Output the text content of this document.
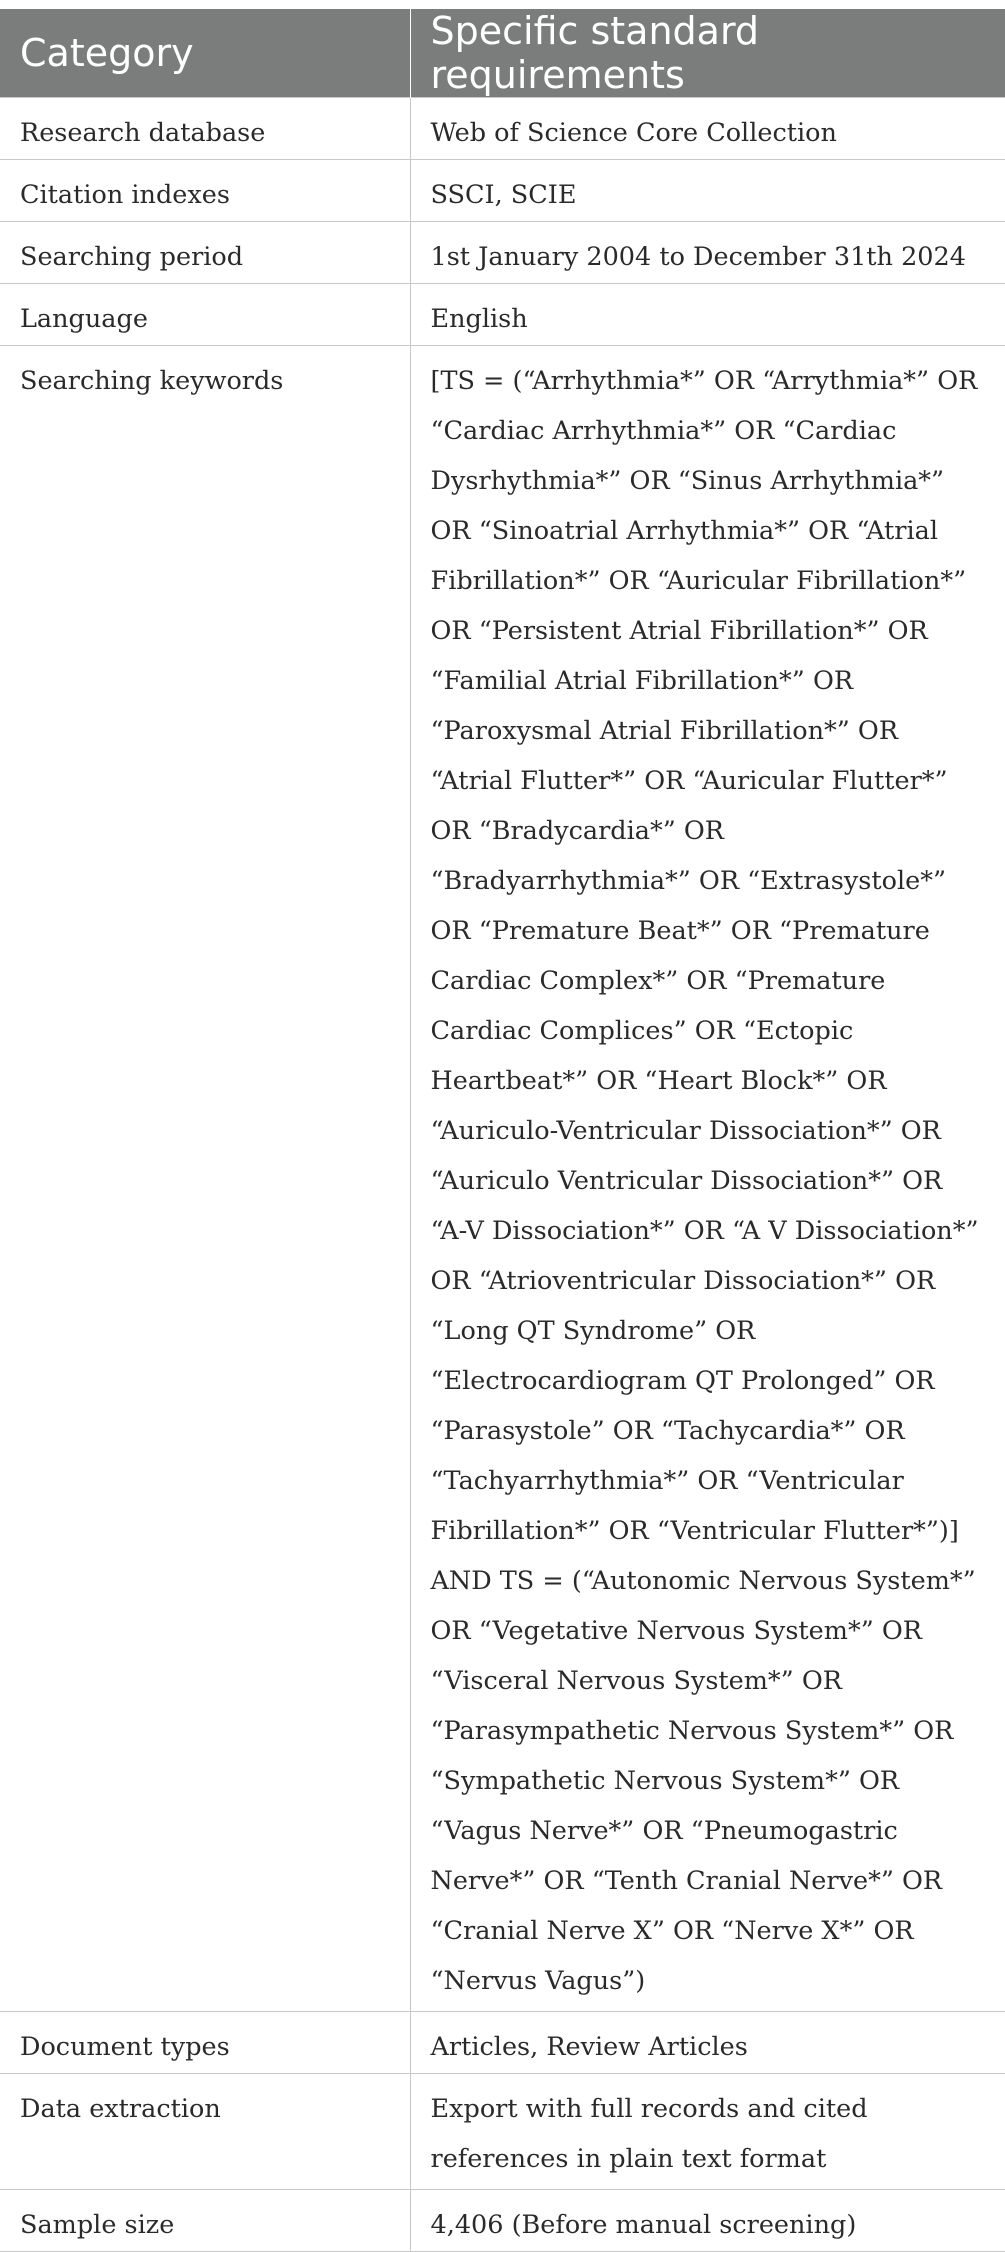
Category	Specific standard requirements
Research database	Web of Science Core Collection
Citation indexes	SSCI, SCIE
Searching period	1st January 2004 to December 31th 2024
Language	English
Searching keywords	[TS = (“Arrhythmia*” OR “Arrythmia*” OR “Cardiac Arrhythmia*” OR “Cardiac Dysrhythmia*” OR “Sinus Arrhythmia*” OR “Sinoatrial Arrhythmia*” OR “Atrial Fibrillation*” OR “Auricular Fibrillation*” OR “Persistent Atrial Fibrillation*” OR “Familial Atrial Fibrillation*” OR “Paroxysmal Atrial Fibrillation*” OR “Atrial Flutter*” OR “Auricular Flutter*” OR “Bradycardia*” OR “Bradyarrhythmia*” OR “Extrasystole*” OR “Premature Beat*” OR “Premature Cardiac Complex*” OR “Premature Cardiac Complices” OR “Ectopic Heartbeat*” OR “Heart Block*” OR “Auriculo-Ventricular Dissociation*” OR “Auriculo Ventricular Dissociation*” OR “A-V Dissociation*” OR “A V Dissociation*” OR “Atrioventricular Dissociation*” OR “Long QT Syndrome” OR “Electrocardiogram QT Prolonged” OR “Parasystole” OR “Tachycardia*” OR “Tachyarrhythmia*” OR “Ventricular Fibrillation*” OR “Ventricular Flutter*”)] AND TS = (“Autonomic Nervous System*” OR “Vegetative Nervous System*” OR “Visceral Nervous System*” OR “Parasympathetic Nervous System*” OR “Sympathetic Nervous System*” OR “Vagus Nerve*” OR “Pneumogastric Nerve*” OR “Tenth Cranial Nerve*” OR “Cranial Nerve X” OR “Nerve X*” OR “Nervus Vagus”)
Document types	Articles, Review Articles
Data extraction	Export with full records and cited references in plain text format
Sample size	4,406 (Before manual screening)
